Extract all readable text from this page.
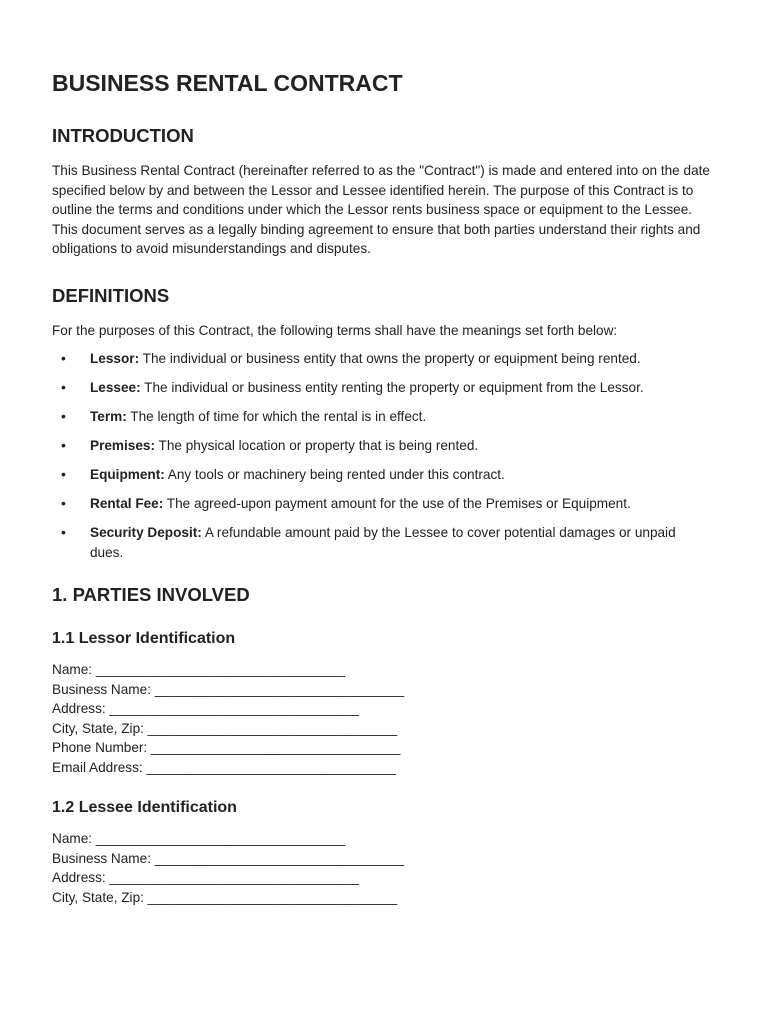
BUSINESS RENTAL CONTRACT
INTRODUCTION

This Business Rental Contract (hereinafter referred to as the "Contract") is made and entered into on the date specified below by and between the Lessor and Lessee identified herein. The purpose of this Contract is to outline the terms and conditions under which the Lessor rents business space or equipment to the Lessee. This document serves as a legally binding agreement to ensure that both parties understand their rights and obligations to avoid misunderstandings and disputes.

DEFINITIONS

For the purposes of this Contract, the following terms shall have the meanings set forth below:

• Lessor: The individual or business entity that owns the property or equipment being rented.
• Lessee: The individual or business entity renting the property or equipment from the Lessor.
• Term: The length of time for which the rental is in effect.
• Premises: The physical location or property that is being rented.
• Equipment: Any tools or machinery being rented under this contract.
• Rental Fee: The agreed-upon payment amount for the use of the Premises or Equipment.
• Security Deposit: A refundable amount paid by the Lessee to cover potential damages or unpaid dues.
1. PARTIES INVOLVED
1.1 Lessor Identification
Name: _________________________________
Business Name: _________________________________
Address: _________________________________
City, State, Zip: _________________________________
Phone Number: _________________________________
Email Address: _________________________________
1.2 Lessee Identification
Name: _________________________________
Business Name: _________________________________
Address: _________________________________
City, State, Zip: _________________________________
